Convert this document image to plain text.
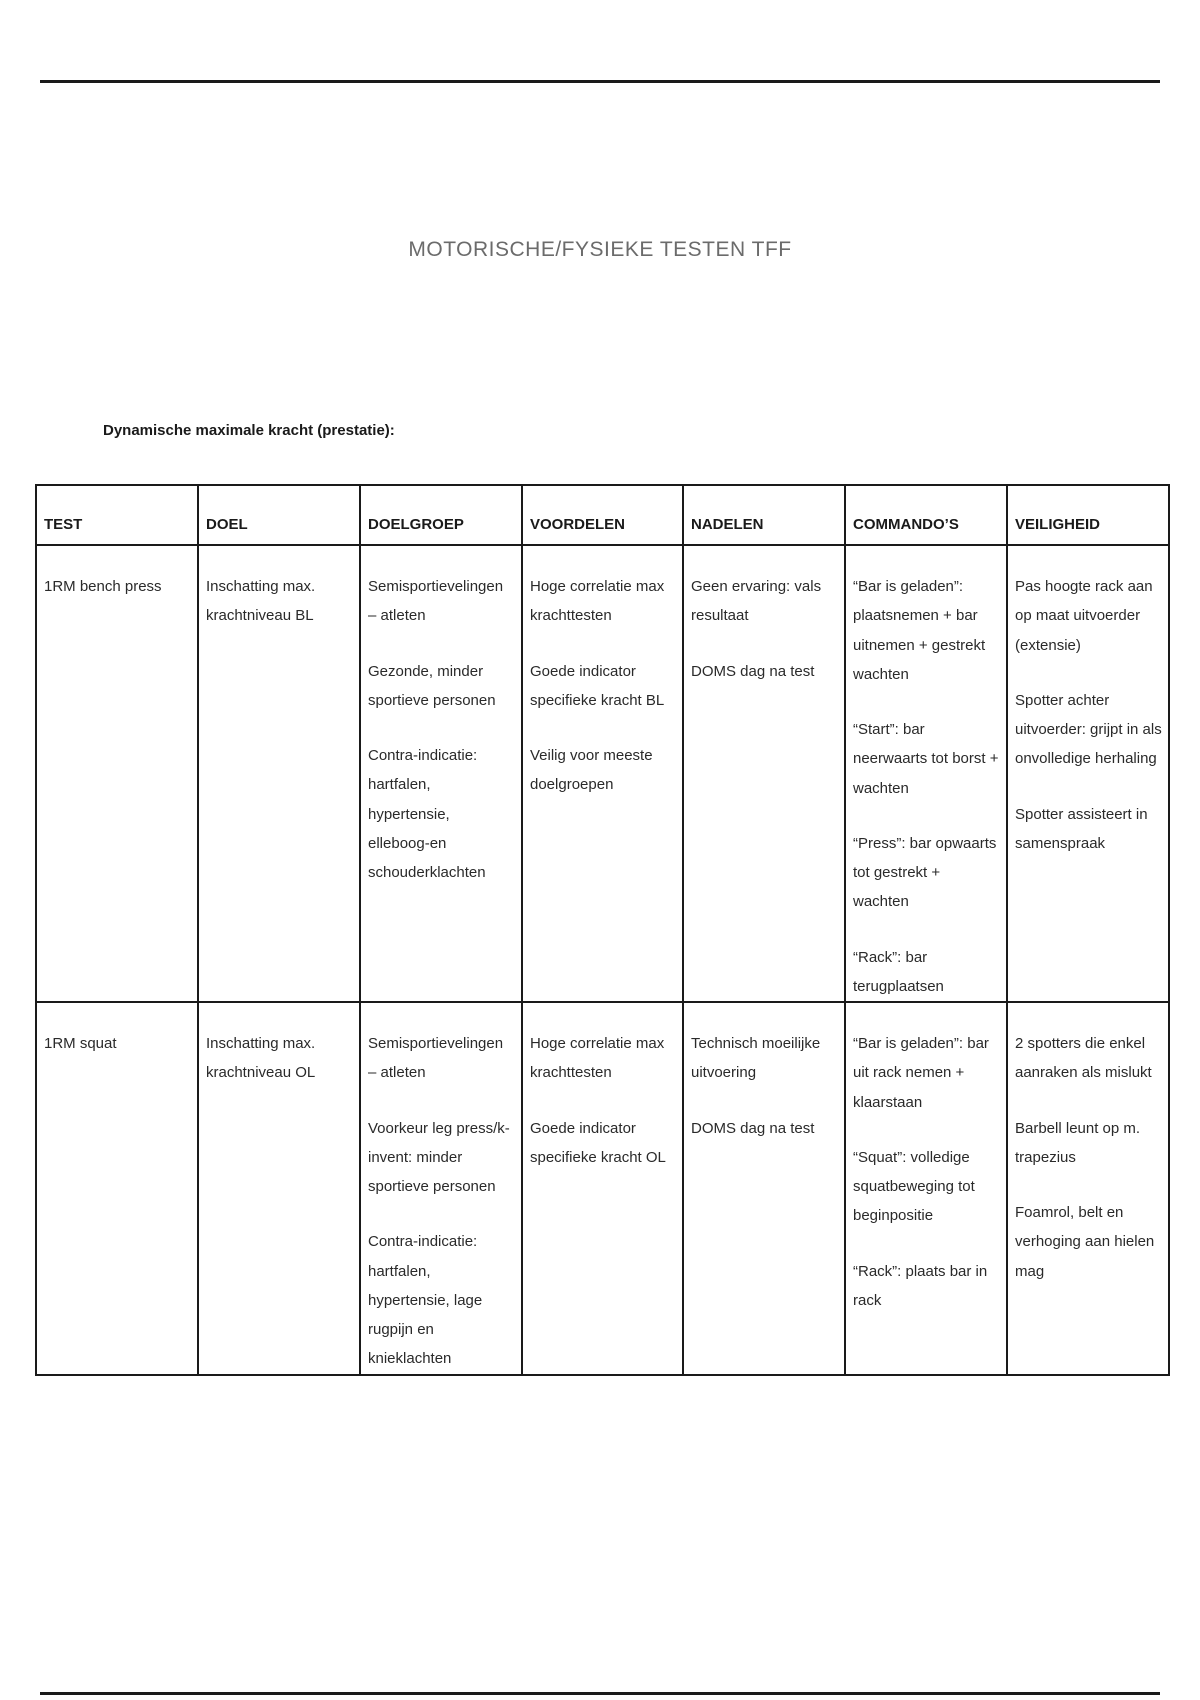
MOTORISCHE/FYSIEKE TESTEN TFF
Dynamische maximale kracht (prestatie):
TEST	DOEL	DOELGROEP	VOORDELEN	NADELEN	COMMANDO’S	VEILIGHEID

1RM bench press	Inschatting max. krachtniveau BL	Semisportievelingen – atleten
Gezonde, minder sportieve personen
Contra-indicatie: hartfalen, hypertensie, elleboog-en schouderklachten	Hoge correlatie max krachttesten
Goede indicator specifieke kracht BL
Veilig voor meeste doelgroepen	Geen ervaring: vals resultaat
DOMS dag na test	“Bar is geladen”: plaatsnemen + bar uitnemen + gestrekt wachten
“Start”: bar neerwaarts tot borst + wachten
“Press”: bar opwaarts tot gestrekt + wachten
“Rack”: bar terugplaatsen	Pas hoogte rack aan op maat uitvoerder (extensie)
Spotter achter uitvoerder: grijpt in als onvolledige herhaling
Spotter assisteert in samenspraak

1RM squat	Inschatting max. krachtniveau OL	Semisportievelingen – atleten
Voorkeur leg press/k-invent: minder sportieve personen
Contra-indicatie: hartfalen, hypertensie, lage rugpijn en knieklachten	Hoge correlatie max krachttesten
Goede indicator specifieke kracht OL	Technisch moeilijke uitvoering
DOMS dag na test	“Bar is geladen”: bar uit rack nemen + klaarstaan
“Squat”: volledige squatbeweging tot beginpositie
“Rack”: plaats bar in rack	2 spotters die enkel aanraken als mislukt
Barbell leunt op m. trapezius
Foamrol, belt en verhoging aan hielen mag
